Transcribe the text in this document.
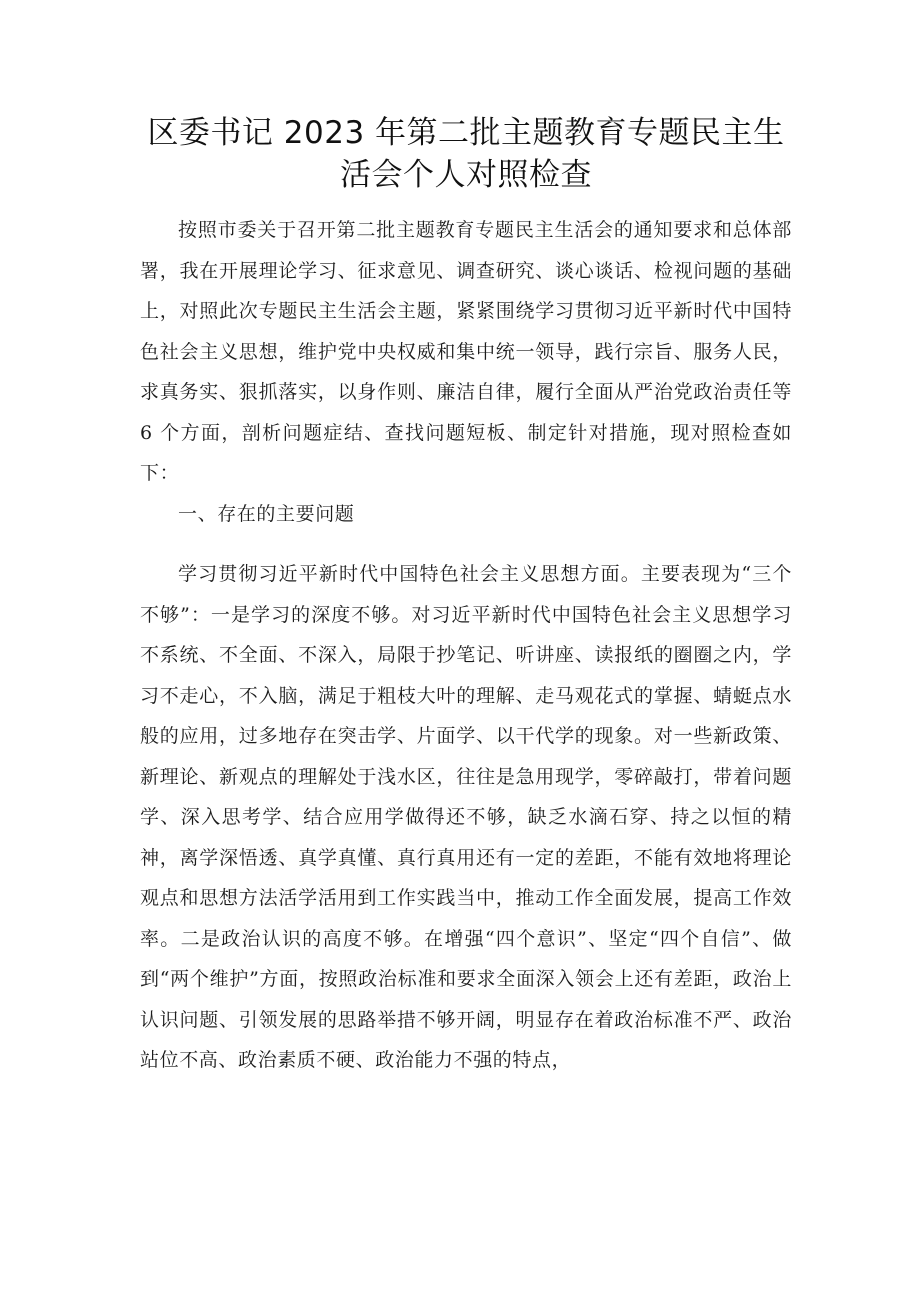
区委书记 2023 年第二批主题教育专题民主生
活会个人对照检查

按照市委关于召开第二批主题教育专题民主生活会的通知要求和总体部署，我在开展理论学习、征求意见、调查研究、谈心谈话、检视问题的基础上，对照此次专题民主生活会主题，紧紧围绕学习贯彻习近平新时代中国特色社会主义思想，维护党中央权威和集中统一领导，践行宗旨、服务人民，求真务实、狠抓落实，以身作则、廉洁自律，履行全面从严治党政治责任等 6 个方面，剖析问题症结、查找问题短板、制定针对措施，现对照检查如下：

一、存在的主要问题

学习贯彻习近平新时代中国特色社会主义思想方面。主要表现为“三个不够”：一是学习的深度不够。对习近平新时代中国特色社会主义思想学习不系统、不全面、不深入，局限于抄笔记、听讲座、读报纸的圈圈之内，学习不走心，不入脑，满足于粗枝大叶的理解、走马观花式的掌握、蜻蜓点水般的应用，过多地存在突击学、片面学、以干代学的现象。对一些新政策、新理论、新观点的理解处于浅水区，往往是急用现学，零碎敲打，带着问题学、深入思考学、结合应用学做得还不够，缺乏水滴石穿、持之以恒的精神，离学深悟透、真学真懂、真行真用还有一定的差距，不能有效地将理论观点和思想方法活学活用到工作实践当中，推动工作全面发展，提高工作效率。二是政治认识的高度不够。在增强“四个意识”、坚定“四个自信”、做到“两个维护”方面，按照政治标准和要求全面深入领会上还有差距，政治上认识问题、引领发展的思路举措不够开阔，明显存在着政治标准不严、政治站位不高、政治素质不硬、政治能力不强的特点，
